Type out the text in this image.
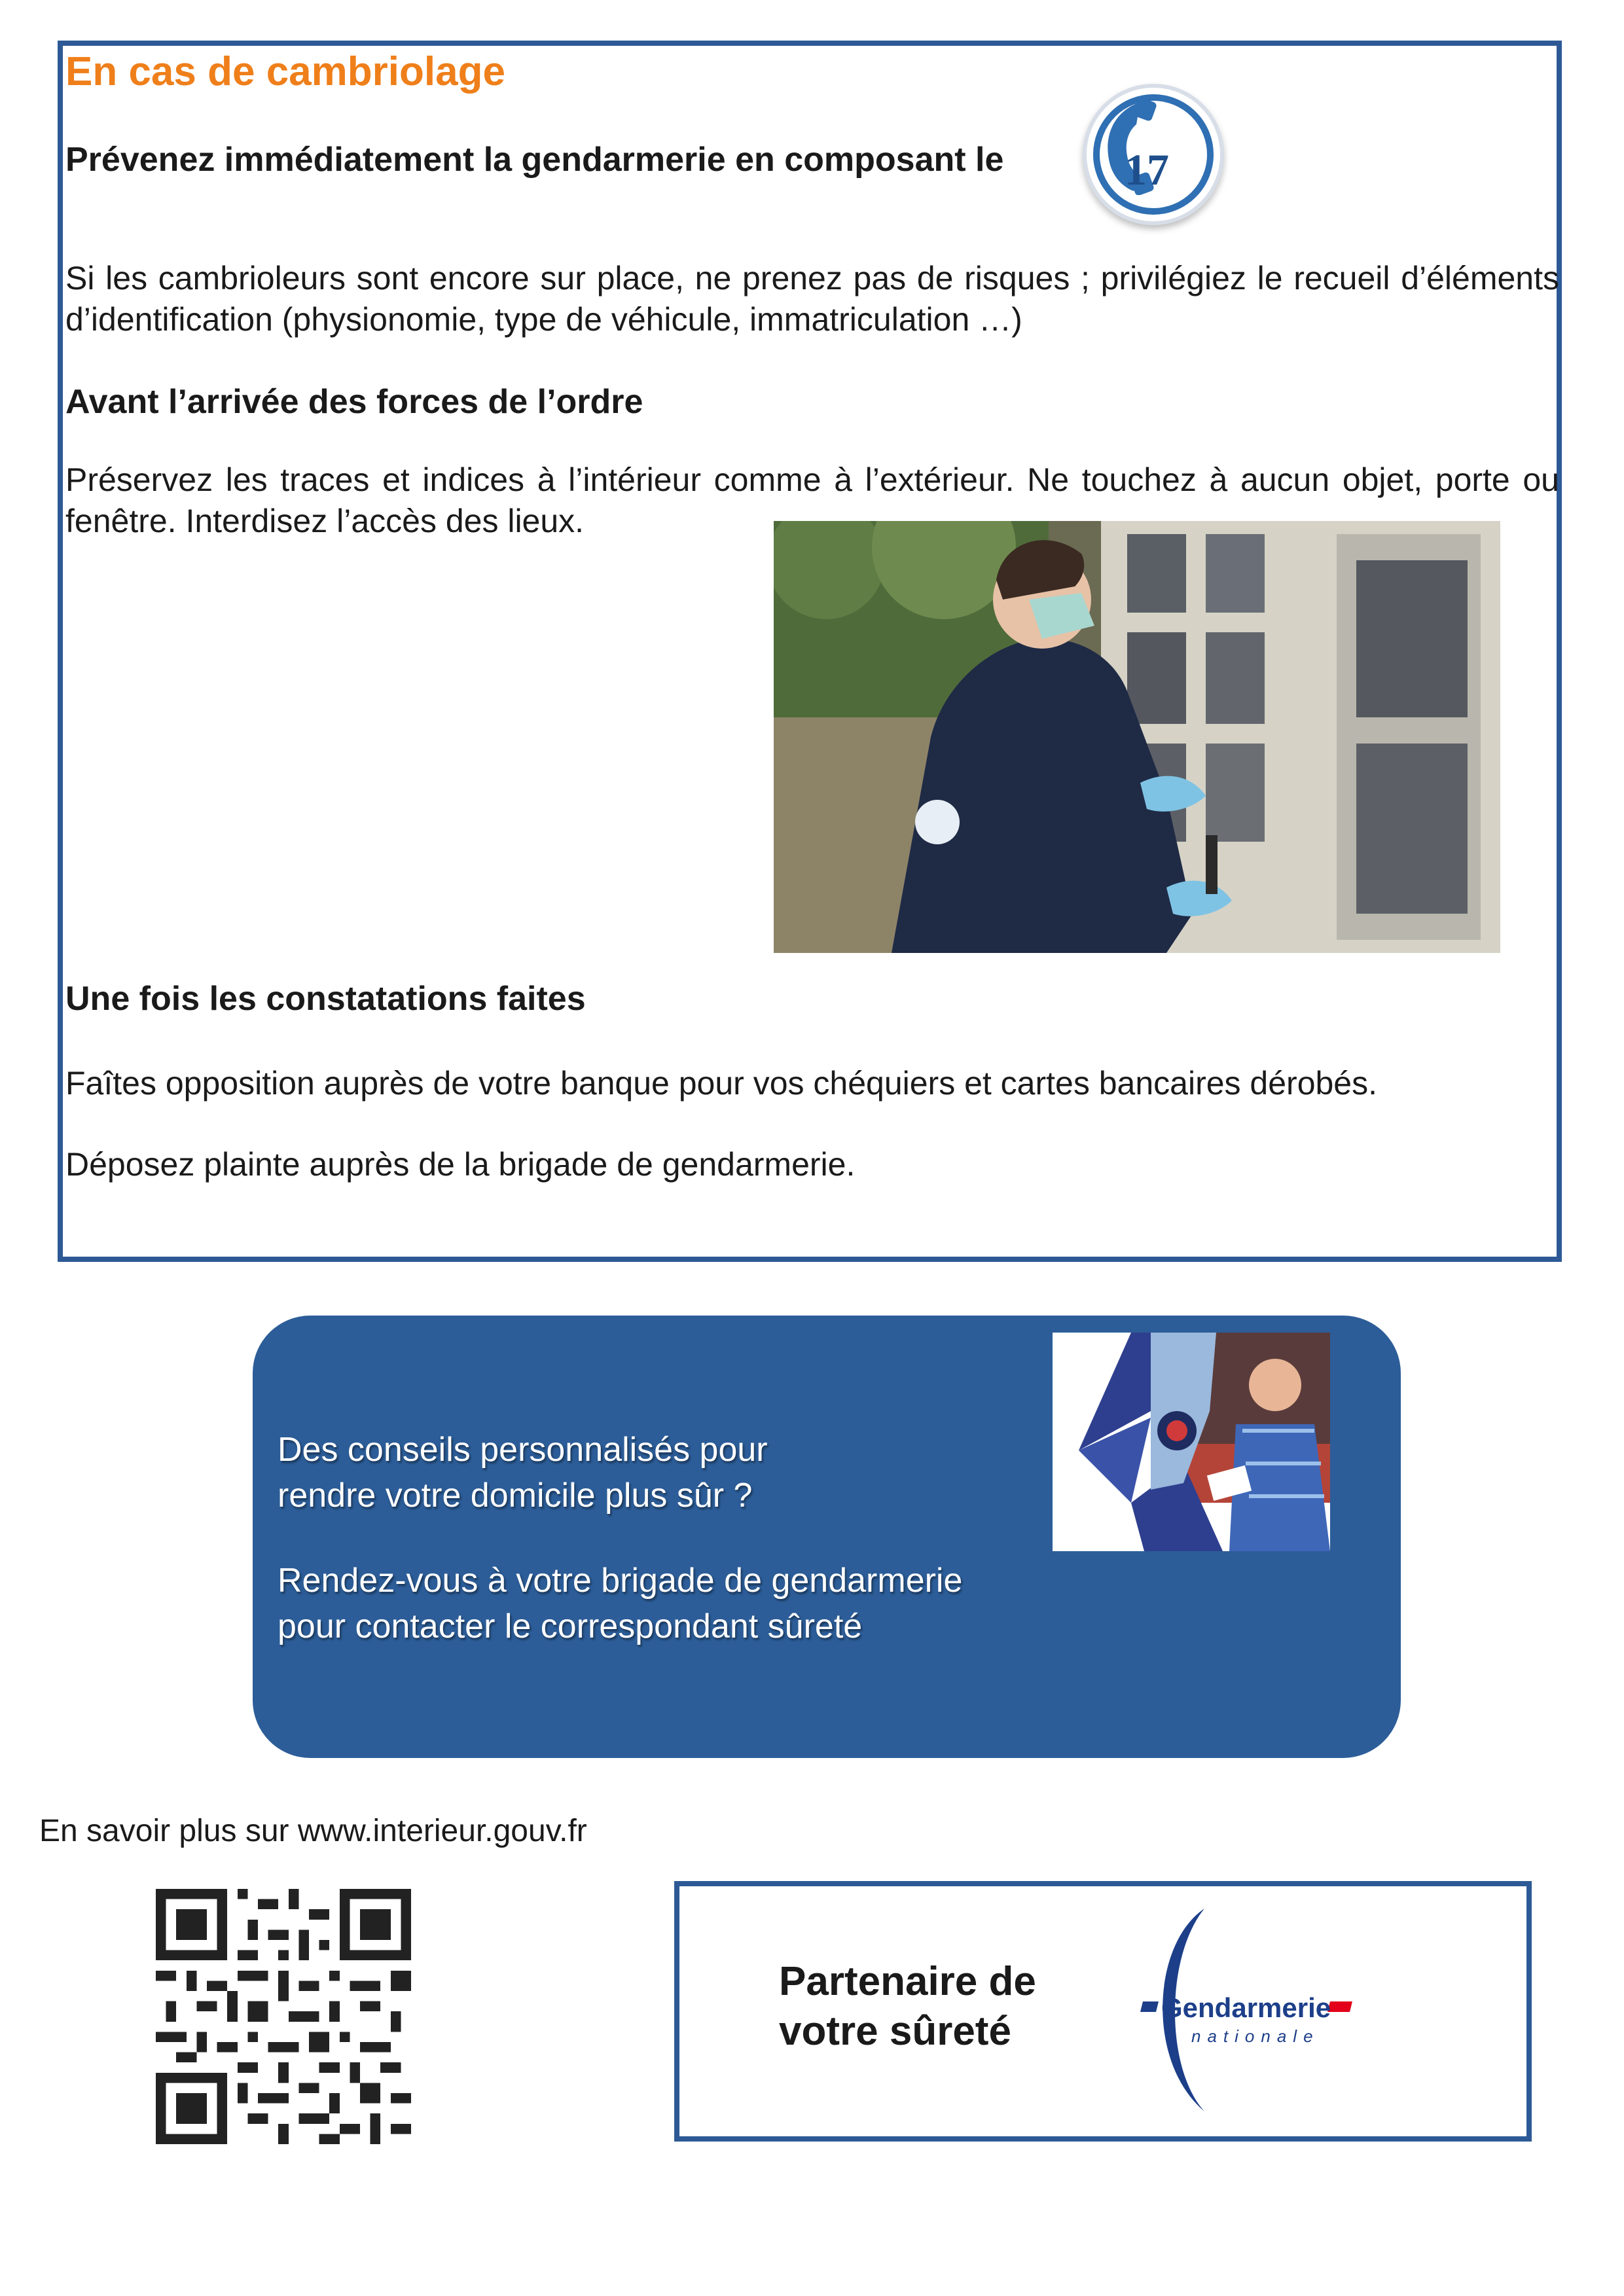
En cas de cambriolage
Prévenez immédiatement la gendarmerie en composant le	17
Si les cambrioleurs sont encore sur place, ne prenez pas de risques ; privilégiez le recueil d’éléments d’identification (physionomie, type de véhicule, immatriculation …)
Avant l’arrivée des forces de l’ordre
Préservez les traces et indices à l’intérieur comme à l’extérieur. Ne touchez à aucun objet, porte ou fenêtre. Interdisez l’accès des lieux.
Une fois les constatations faites
Faîtes opposition auprès de votre banque pour vos chéquiers et cartes bancaires dérobés.
Déposez plainte auprès de la brigade de gendarmerie.
Des conseils personnalisés pour
rendre votre domicile plus sûr ?
Rendez-vous à votre brigade de gendarmerie
pour contacter le correspondant sûreté
En savoir plus sur www.interieur.gouv.fr
Partenaire de
votre sûreté
Gendarmerie
nationale
